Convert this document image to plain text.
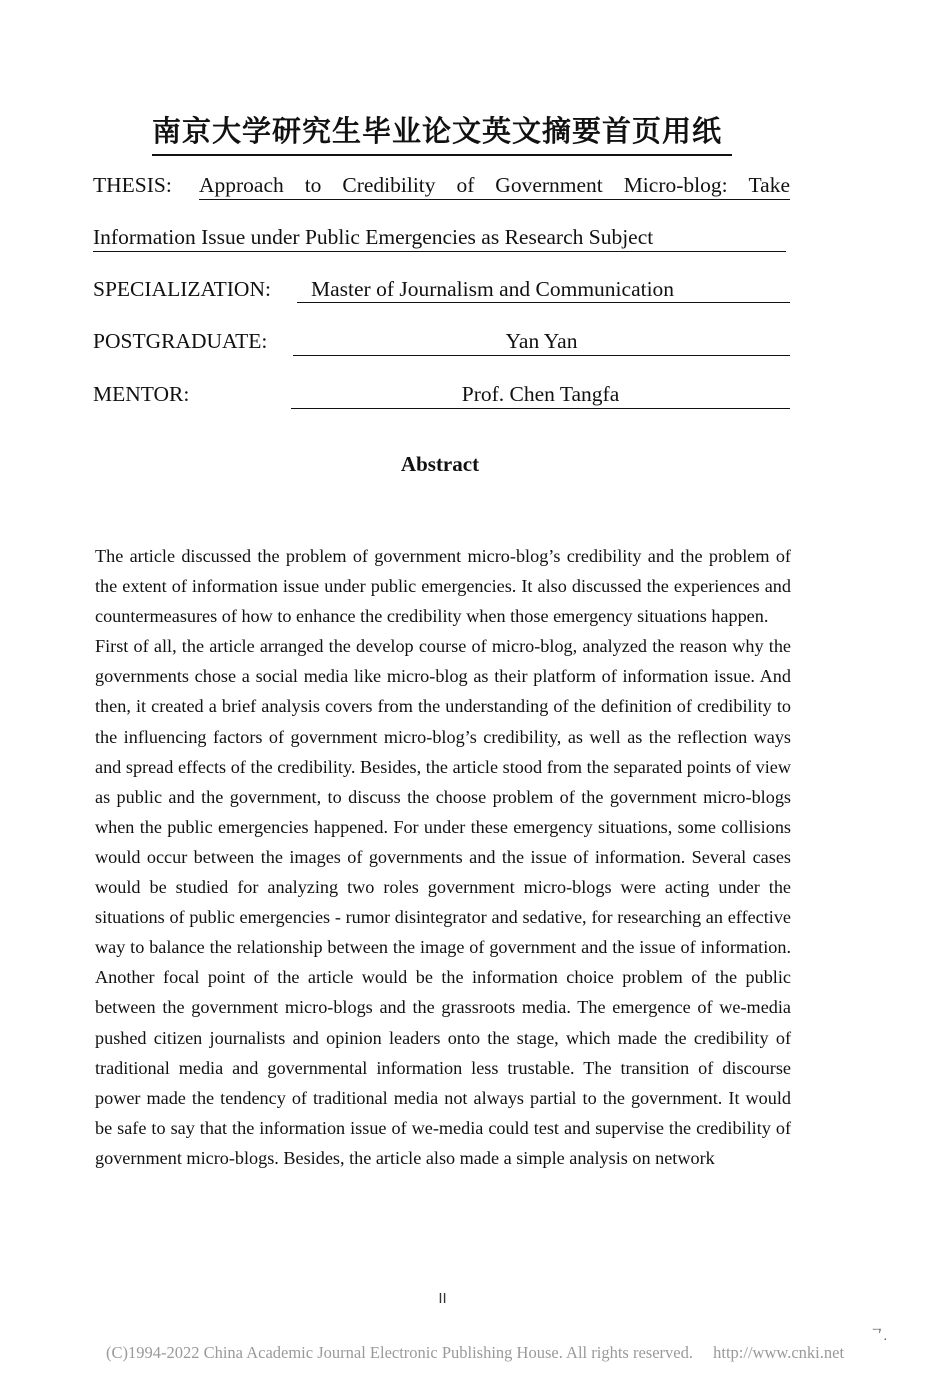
南京大学研究生毕业论文英文摘要首页用纸
THESIS: Approach to Credibility of Government Micro-blog: Take
Information Issue under Public Emergencies as Research Subject
SPECIALIZATION:	Master of Journalism and Communication
POSTGRADUATE:	Yan Yan
MENTOR:	Prof. Chen Tangfa
Abstract

The article discussed the problem of government micro-blog’s credibility and the problem of the extent of information issue under public emergencies. It also discussed the experiences and countermeasures of how to enhance the credibility when those emergency situations happen.

First of all, the article arranged the develop course of micro-blog, analyzed the reason why the governments chose a social media like micro-blog as their platform of information issue. And then, it created a brief analysis covers from the understanding of the definition of credibility to the influencing factors of government micro-blog’s credibility, as well as the reflection ways and spread effects of the credibility. Besides, the article stood from the separated points of view as public and the government, to discuss the choose problem of the government micro-blogs when the public emergencies happened. For under these emergency situations, some collisions would occur between the images of governments and the issue of information. Several cases would be studied for analyzing two roles government micro-blogs were acting under the situations of public emergencies - rumor disintegrator and sedative, for researching an effective way to balance the relationship between the image of government and the issue of information. Another focal point of the article would be the information choice problem of the public between the government micro-blogs and the grassroots media. The emergence of we-media pushed citizen journalists and opinion leaders onto the stage, which made the credibility of traditional media and governmental information less trustable. The transition of discourse power made the tendency of traditional media not always partial to the government. It would be safe to say that the information issue of we-media could test and supervise the credibility of government micro-blogs. Besides, the article also made a simple analysis on network

II
ᄀ.
(C)1994-2022 China Academic Journal Electronic Publishing House. All rights reserved. http://www.cnki.net
